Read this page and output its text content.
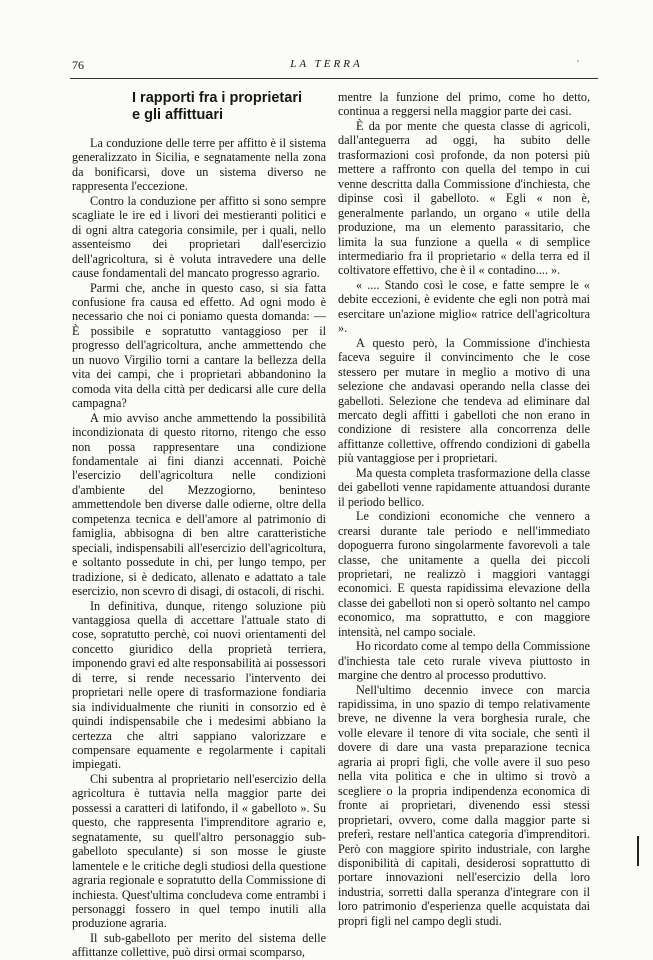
76	LA TERRA	'
I rapporti fra i proprietari
e gli affittuari

La conduzione delle terre per affitto è il sistema generalizzato in Sicilia, e segnatamente nella zona da bonificarsi, dove un sistema diverso ne rappresenta l'eccezione.

Contro la conduzione per affitto si sono sempre scagliate le ire ed i livori dei mestieranti politici e di ogni altra categoria consimile, per i quali, nello assenteismo dei proprietari dall'esercizio dell'agricoltura, si è voluta intravedere una delle cause fondamentali del mancato progresso agrario.

Parmi che, anche in questo caso, si sia fatta confusione fra causa ed effetto. Ad ogni modo è necessario che noi ci poniamo questa domanda: — È possibile e sopratutto vantaggioso per il progresso dell'agricoltura, anche ammettendo che un nuovo Virgilio torni a cantare la bellezza della vita dei campi, che i proprietari abbandonino la comoda vita della città per dedicarsi alle cure della campagna?

A mio avviso anche ammettendo la possibilità incondizionata di questo ritorno, ritengo che esso non possa rappresentare una condizione fondamentale ai fini dianzi accennati. Poichè l'esercizio dell'agricoltura nelle condizioni d'ambiente del Mezzogiorno, beninteso ammettendole ben diverse dalle odierne, oltre della competenza tecnica e dell'amore al patrimonio di famiglia, abbisogna di ben altre caratteristiche speciali, indispensabili all'esercizio dell'agricoltura, e soltanto possedute in chi, per lungo tempo, per tradizione, si è dedicato, allenato e adattato a tale esercizio, non scevro di disagi, di ostacoli, di rischi.

In definitiva, dunque, ritengo soluzione più vantaggiosa quella di accettare l'attuale stato di cose, sopratutto perchè, coi nuovi orientamenti del concetto giuridico della proprietà terriera, imponendo gravi ed alte responsabilità ai possessori di terre, si rende necessario l'intervento dei proprietari nelle opere di trasformazione fondiaria sia individualmente che riuniti in consorzio ed è quindi indispensabile che i medesimi abbiano la certezza che altri sappiano valorizzare e compensare equamente e regolarmente i capitali impiegati.

Chi subentra al proprietario nell'esercizio della agricoltura è tuttavia nella maggior parte dei possessi a caratteri di latifondo, il « gabelloto ». Su questo, che rappresenta l'imprenditore agrario e, segnatamente, su quell'altro personaggio sub-gabelloto speculante) si son mosse le giuste lamentele e le critiche degli studiosi della questione agraria regionale e sopratutto della Commissione di inchiesta. Quest'ultima concludeva come entrambi i personaggi fossero in quel tempo inutili alla produzione agraria.

Il sub-gabelloto per merito del sistema delle affittanze collettive, può dirsi ormai scomparso,

mentre la funzione del primo, come ho detto, continua a reggersi nella maggior parte dei casi.

È da por mente che questa classe di agricoli, dall'anteguerra ad oggi, ha subito delle trasformazioni così profonde, da non potersi più mettere a raffronto con quella del tempo in cui venne descritta dalla Commissione d'inchiesta, che dipinse così il gabelloto. « Egli « non è, generalmente parlando, un organo « utile della produzione, ma un elemento parassitario, che limita la sua funzione a quella « di semplice intermediario fra il proprietario « della terra ed il coltivatore effettivo, che è il « contadino.... ».

« .... Stando così le cose, e fatte sempre le « debite eccezioni, è evidente che egli non potrà mai esercitare un'azione miglio« ratrice dell'agricoltura ».

A questo però, la Commissione d'inchiesta faceva seguire il convincimento che le cose stessero per mutare in meglio a motivo di una selezione che andavasi operando nella classe dei gabelloti. Selezione che tendeva ad eliminare dal mercato degli affitti i gabelloti che non erano in condizione di resistere alla concorrenza delle affittanze collettive, offrendo condizioni di gabella più vantaggiose per i proprietari.

Ma questa completa trasformazione della classe dei gabelloti venne rapidamente attuandosi durante il periodo bellico.

Le condizioni economiche che vennero a crearsi durante tale periodo e nell'immediato dopoguerra furono singolarmente favorevoli a tale classe, che unitamente a quella dei piccoli proprietari, ne realizzò i maggiori vantaggi economici. E questa rapidissima elevazione della classe dei gabelloti non si operò soltanto nel campo economico, ma soprattutto, e con maggiore intensità, nel campo sociale.

Ho ricordato come al tempo della Commissione d'inchiesta tale ceto rurale viveva piuttosto in margine che dentro al processo produttivo.

Nell'ultimo decennio invece con marcia rapidissima, in uno spazio di tempo relativamente breve, ne divenne la vera borghesia rurale, che volle elevare il tenore di vita sociale, che sentì il dovere di dare una vasta preparazione tecnica agraria ai propri figli, che volle avere il suo peso nella vita politica e che in ultimo si trovò a scegliere o la propria indipendenza economica di fronte ai proprietari, divenendo essi stessi proprietari, ovvero, come dalla maggior parte si preferì, restare nell'antica categoria d'imprenditori. Però con maggiore spirito industriale, con larghe disponibilità di capitali, desiderosi soprattutto di portare innovazioni nell'esercizio della loro industria, sorretti dalla speranza d'integrare con il loro patrimonio d'esperienza quelle acquistata dai propri figli nel campo degli studi.
